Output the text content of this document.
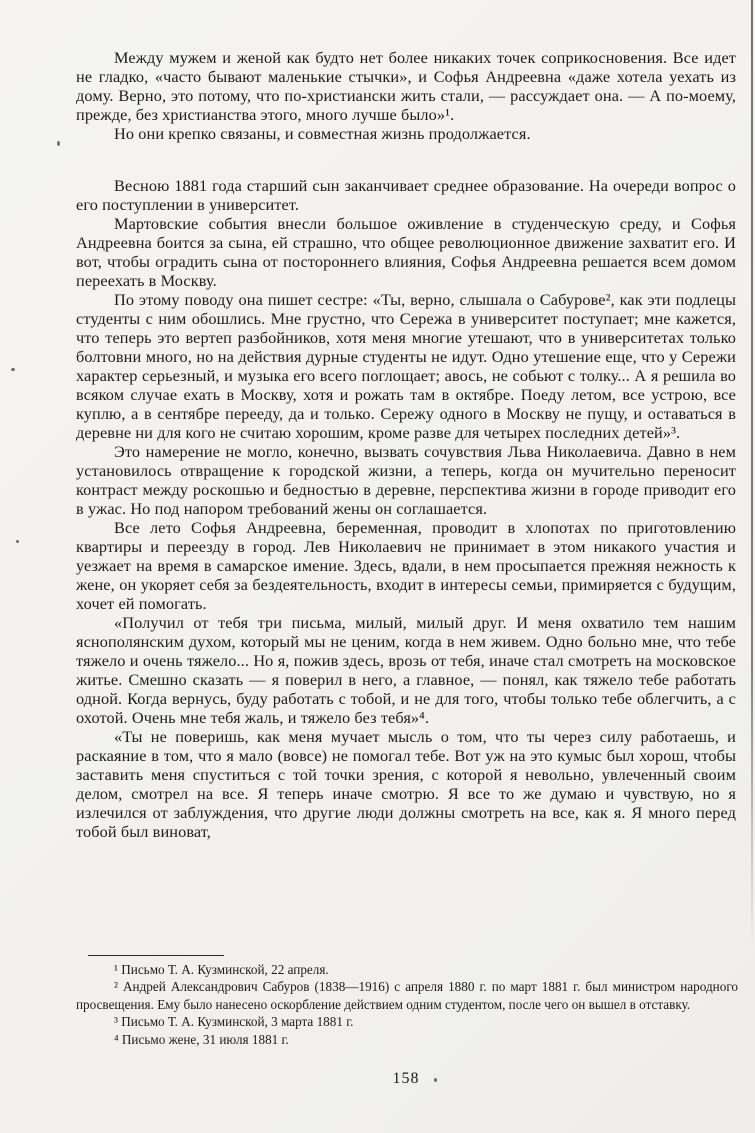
Между мужем и женой как будто нет более никаких точек соприкосновения. Все идет не гладко, «часто бывают маленькие стычки», и Софья Андреевна «даже хотела уехать из дому. Верно, это потому, что по-христиански жить стали, — рассуждает она. — А по-моему, прежде, без христианства этого, много лучше было»¹.

Но они крепко связаны, и совместная жизнь продолжается.

Весною 1881 года старший сын заканчивает среднее образование. На очереди вопрос о его поступлении в университет.

Мартовские события внесли большое оживление в студенческую среду, и Софья Андреевна боится за сына, ей страшно, что общее революционное движение захватит его. И вот, чтобы оградить сына от постороннего влияния, Софья Андреевна решается всем домом переехать в Москву.

По этому поводу она пишет сестре: «Ты, верно, слышала о Сабурове², как эти подлецы студенты с ним обошлись. Мне грустно, что Сережа в университет поступает; мне кажется, что теперь это вертеп разбойников, хотя меня многие утешают, что в университетах только болтовни много, но на действия дурные студенты не идут. Одно утешение еще, что у Сережи характер серьезный, и музыка его всего поглощает; авось, не собьют с толку... А я решила во всяком случае ехать в Москву, хотя и рожать там в октябре. Поеду летом, все устрою, все куплю, а в сентябре перееду, да и только. Сережу одного в Москву не пущу, и оставаться в деревне ни для кого не считаю хорошим, кроме разве для четырех последних детей»³.

Это намерение не могло, конечно, вызвать сочувствия Льва Николаевича. Давно в нем установилось отвращение к городской жизни, а теперь, когда он мучительно переносит контраст между роскошью и бедностью в деревне, перспектива жизни в городе приводит его в ужас. Но под напором требований жены он соглашается.

Все лето Софья Андреевна, беременная, проводит в хлопотах по приготовлению квартиры и переезду в город. Лев Николаевич не принимает в этом никакого участия и уезжает на время в самарское имение. Здесь, вдали, в нем просыпается прежняя нежность к жене, он укоряет себя за бездеятельность, входит в интересы семьи, примиряется с будущим, хочет ей помогать.

«Получил от тебя три письма, милый, милый друг. И меня охватило тем нашим яснополянским духом, который мы не ценим, когда в нем живем. Одно больно мне, что тебе тяжело и очень тяжело... Но я, пожив здесь, врозь от тебя, иначе стал смотреть на московское житье. Смешно сказать — я поверил в него, а главное, — понял, как тяжело тебе работать одной. Когда вернусь, буду работать с тобой, и не для того, чтобы только тебе облегчить, а с охотой. Очень мне тебя жаль, и тяжело без тебя»⁴.

«Ты не поверишь, как меня мучает мысль о том, что ты через силу работаешь, и раскаяние в том, что я мало (вовсе) не помогал тебе. Вот уж на это кумыс был хорош, чтобы заставить меня спуститься с той точки зрения, с которой я невольно, увлеченный своим делом, смотрел на все. Я теперь иначе смотрю. Я все то же думаю и чувствую, но я излечился от заблуждения, что другие люди должны смотреть на все, как я. Я много перед тобой был виноват,

¹ Письмо Т. А. Кузминской, 22 апреля.

² Андрей Александрович Сабуров (1838—1916) с апреля 1880 г. по март 1881 г. был министром народного просвещения. Ему было нанесено оскорбление действием одним студентом, после чего он вышел в отставку.

³ Письмо Т. А. Кузминской, 3 марта 1881 г.

⁴ Письмо жене, 31 июля 1881 г.

158
